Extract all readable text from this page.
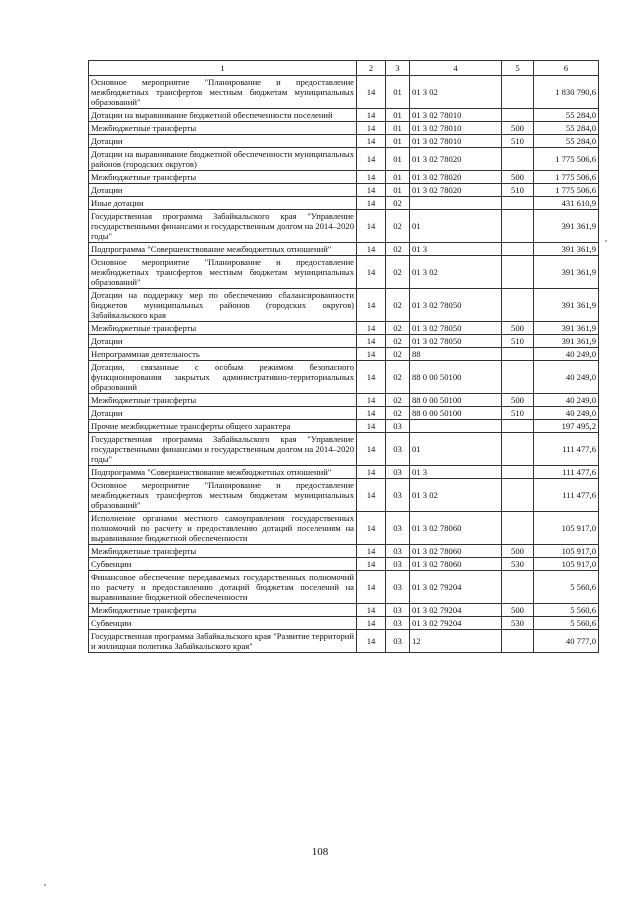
1	2	3	4	5	6
Основное мероприятие "Планирование и предоставление межбюджетных трансфертов местным бюджетам муниципальных образований"	14	01	01 3 02		1 830 790,6
Дотации на выравнивание бюджетной обеспеченности поселений	14	01	01 3 02 78010		55 284,0
Межбюджетные трансферты	14	01	01 3 02 78010	500	55 284,0
Дотации	14	01	01 3 02 78010	510	55 284,0
Дотации на выравнивание бюджетной обеспеченности муниципальных районов (городских округов)	14	01	01 3 02 78020		1 775 506,6
Межбюджетные трансферты	14	01	01 3 02 78020	500	1 775 506,6
Дотации	14	01	01 3 02 78020	510	1 775 506,6
Иные дотации	14	02			431 610,9
Государственная программа Забайкальского края "Управление государственными финансами и государственным долгом на 2014–2020 годы"	14	02	01		391 361,9
Подпрограмма "Совершенствование межбюджетных отношений"	14	02	01 3		391 361,9
Основное мероприятие "Планирование и предоставление межбюджетных трансфертов местным бюджетам муниципальных образований"	14	02	01 3 02		391 361,9
Дотации на поддержку мер по обеспечению сбалансированности бюджетов муниципальных районов (городских округов) Забайкальского края	14	02	01 3 02 78050		391 361,9
Межбюджетные трансферты	14	02	01 3 02 78050	500	391 361,9
Дотации	14	02	01 3 02 78050	510	391 361,9
Непрограммная деятельность	14	02	88		40 249,0
Дотации, связанные с особым режимом безопасного функционирования закрытых административно-территориальных образований	14	02	88 0 00 50100		40 249,0
Межбюджетные трансферты	14	02	88 0 00 50100	500	40 249,0
Дотации	14	02	88 0 00 50100	510	40 249,0
Прочие межбюджетные трансферты общего характера	14	03			197 495,2
Государственная программа Забайкальского края "Управление государственными финансами и государственным долгом на 2014–2020 годы"	14	03	01		111 477,6
Подпрограмма "Совершенствование межбюджетных отношений"	14	03	01 3		111 477,6
Основное мероприятие "Планирование и предоставление межбюджетных трансфертов местным бюджетам муниципальных образований"	14	03	01 3 02		111 477,6
Исполнение органами местного самоуправления государственных полномочий по расчету и предоставлению дотаций поселениям на выравнивание бюджетной обеспеченности	14	03	01 3 02 78060		105 917,0
Межбюджетные трансферты	14	03	01 3 02 78060	500	105 917,0
Субвенции	14	03	01 3 02 78060	530	105 917,0
Финансовое обеспечение передаваемых государственных полномочий по расчету и предоставлению дотаций бюджетам поселений на выравнивание бюджетной обеспеченности	14	03	01 3 02 79204		5 560,6
Межбюджетные трансферты	14	03	01 3 02 79204	500	5 560,6
Субвенции	14	03	01 3 02 79204	530	5 560,6
Государственная программа Забайкальского края "Развитие территорий и жилищная политика Забайкальского края"	14	03	12		40 777,0
108
